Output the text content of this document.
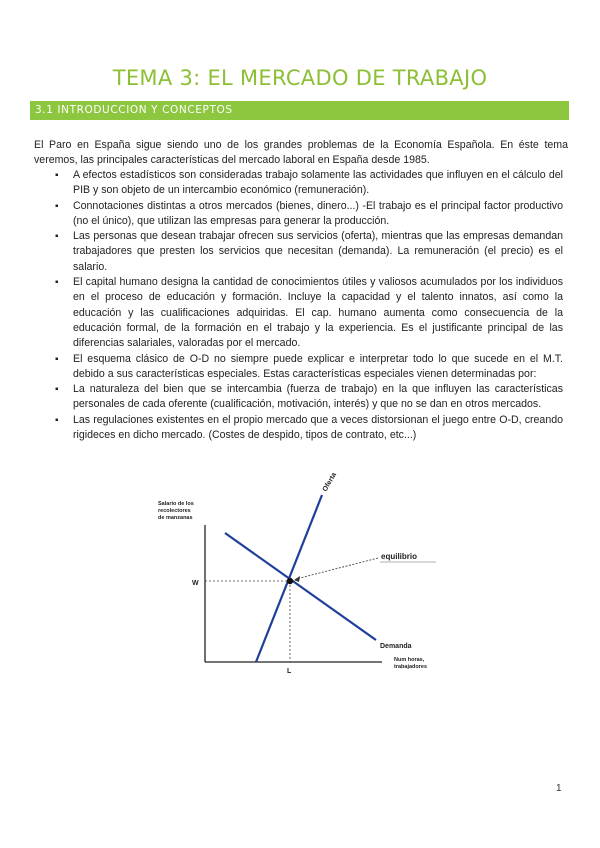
TEMA 3: EL MERCADO DE TRABAJO
3.1 INTRODUCCION Y CONCEPTOS

El Paro en España sigue siendo uno de los grandes problemas de la Economía Española. En éste tema veremos, las principales características del mercado laboral en España desde 1985.

▪ A efectos estadísticos son consideradas trabajo solamente las actividades que influyen en el cálculo del PIB y son objeto de un intercambio económico (remuneración).
▪ Connotaciones distintas a otros mercados (bienes, dinero...) -El trabajo es el principal factor productivo (no el único), que utilizan las empresas para generar la producción.
▪ Las personas que desean trabajar ofrecen sus servicios (oferta), mientras que las empresas demandan trabajadores que presten los servicios que necesitan (demanda). La remuneración (el precio) es el salario.
▪ El capital humano designa la cantidad de conocimientos útiles y valiosos acumulados por los individuos en el proceso de educación y formación. Incluye la capacidad y el talento innatos, así como la educación y las cualificaciones adquiridas. El cap. humano aumenta como consecuencia de la educación formal, de la formación en el trabajo y la experiencia. Es el justificante principal de las diferencias salariales, valoradas por el mercado.
▪ El esquema clásico de O-D no siempre puede explicar e interpretar todo lo que sucede en el M.T. debido a sus características especiales. Estas características especiales vienen determinadas por:
▪ La naturaleza del bien que se intercambia (fuerza de trabajo) en la que influyen las características personales de cada oferente (cualificación, motivación, interés) y que no se dan en otros mercados.
▪ Las regulaciones existentes en el propio mercado que a veces distorsionan el juego entre O-D, creando rigideces en dicho mercado. (Costes de despido, tipos de contrato, etc...)
Salario de los recolectores de manzanas
Num horas, trabajadores
Oferta
Demanda
equilibrio
W
L
1
